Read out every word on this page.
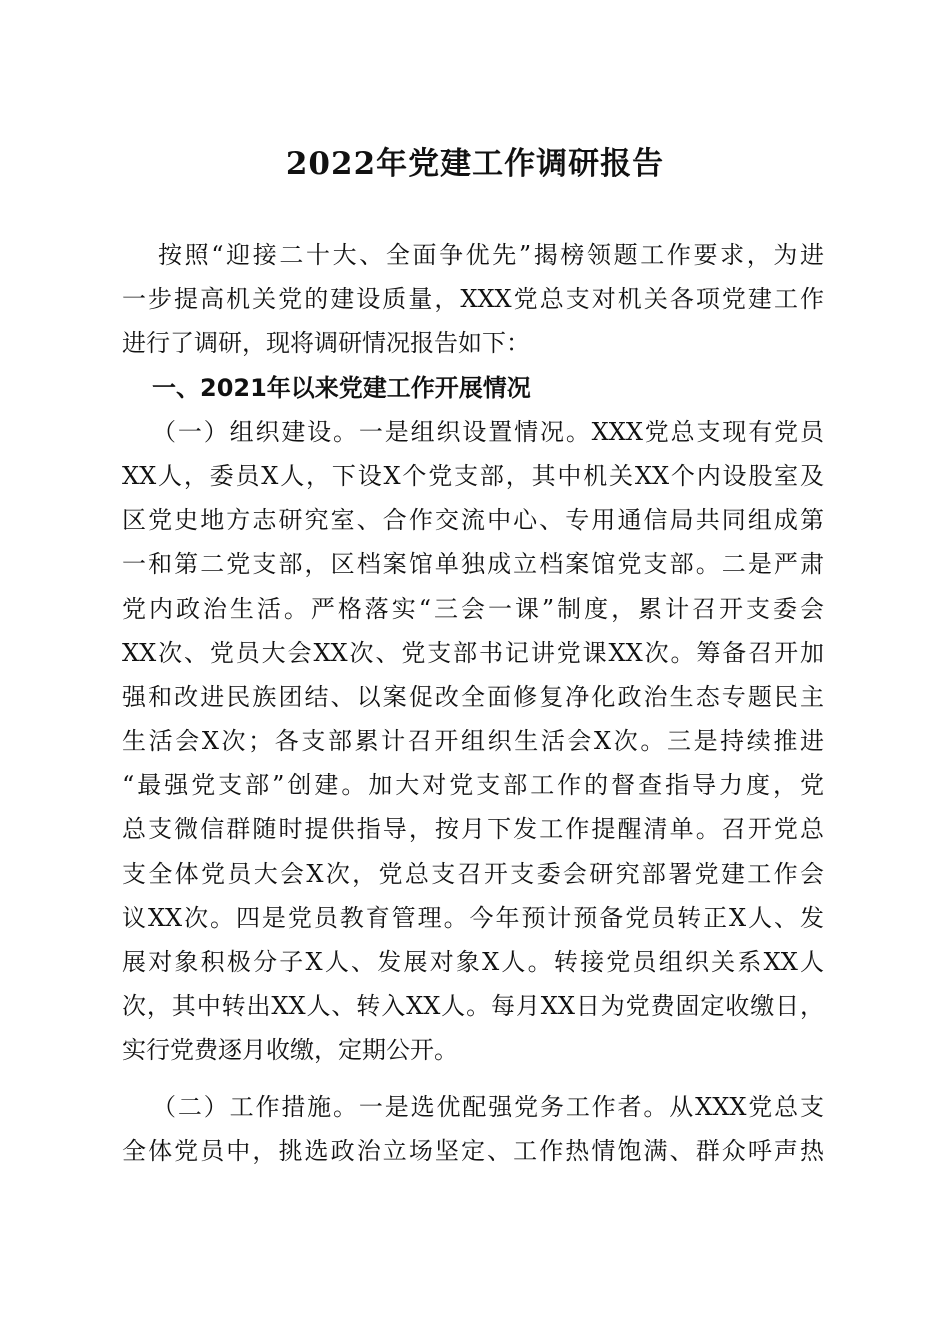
2022年党建工作调研报告
按照“迎接二十大、全面争优先”揭榜领题工作要求，为进
一步提高机关党的建设质量，XXX党总支对机关各项党建工作
进行了调研，现将调研情况报告如下：
一、2021年以来党建工作开展情况
（一）组织建设。一是组织设置情况。XXX党总支现有党员
XX人，委员X人，下设X个党支部，其中机关XX个内设股室及
区党史地方志研究室、合作交流中心、专用通信局共同组成第
一和第二党支部，区档案馆单独成立档案馆党支部。二是严肃
党内政治生活。严格落实“三会一课”制度，累计召开支委会
XX次、党员大会XX次、党支部书记讲党课XX次。筹备召开加
强和改进民族团结、以案促改全面修复净化政治生态专题民主
生活会X次；各支部累计召开组织生活会X次。三是持续推进
“最强党支部”创建。加大对党支部工作的督查指导力度，党
总支微信群随时提供指导，按月下发工作提醒清单。召开党总
支全体党员大会X次，党总支召开支委会研究部署党建工作会
议XX次。四是党员教育管理。今年预计预备党员转正X人、发
展对象积极分子X人、发展对象X人。转接党员组织关系XX人
次，其中转出XX人、转入XX人。每月XX日为党费固定收缴日，
实行党费逐月收缴，定期公开。
（二）工作措施。一是选优配强党务工作者。从XXX党总支
全体党员中，挑选政治立场坚定、工作热情饱满、群众呼声热
